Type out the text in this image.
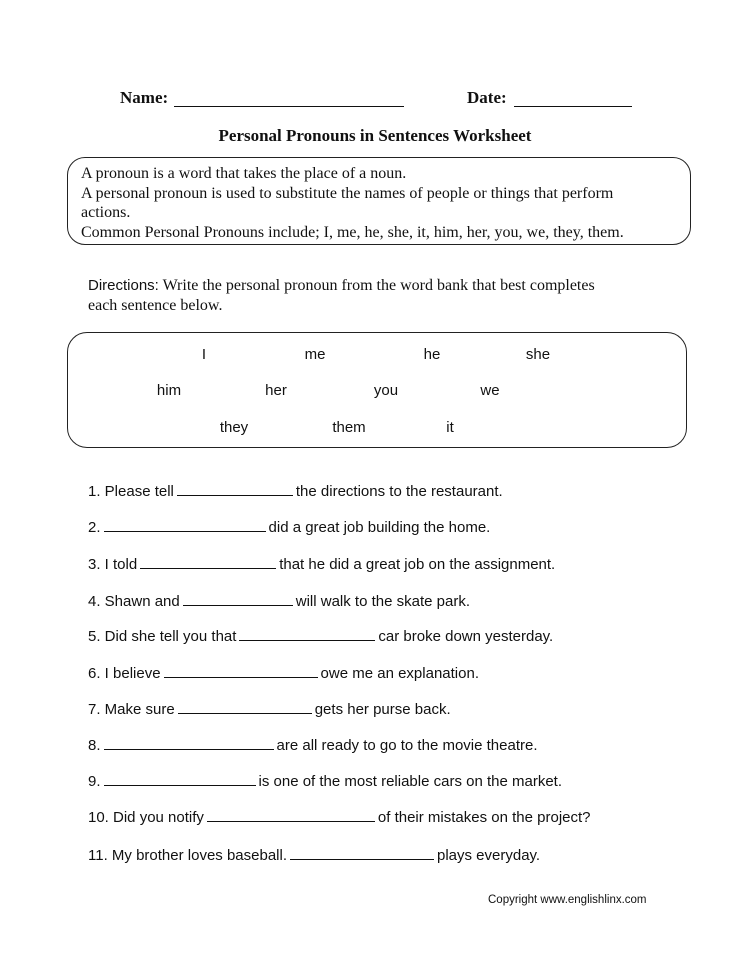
Name:	Date:
Personal Pronouns in Sentences Worksheet
A pronoun is a word that takes the place of a noun.
A personal pronoun is used to substitute the names of people or things that perform
actions.
Common Personal Pronouns include; I, me, he, she, it, him, her, you, we, they, them.
Directions: Write the personal pronoun from the word bank that best completes
each sentence below.
I	me	he	she
him	her	you	we
they	them	it
1. Please tell	the directions to the restaurant.
2.	did a great job building the home.
3. I told	that he did a great job on the assignment.
4. Shawn and	will walk to the skate park.
5. Did she tell you that	car broke down yesterday.
6. I believe	owe me an explanation.
7. Make sure	gets her purse back.
8.	are all ready to go to the movie theatre.
9.	is one of the most reliable cars on the market.
10. Did you notify	of their mistakes on the project?
11. My brother loves baseball.	plays everyday.
Copyright www.englishlinx.com
